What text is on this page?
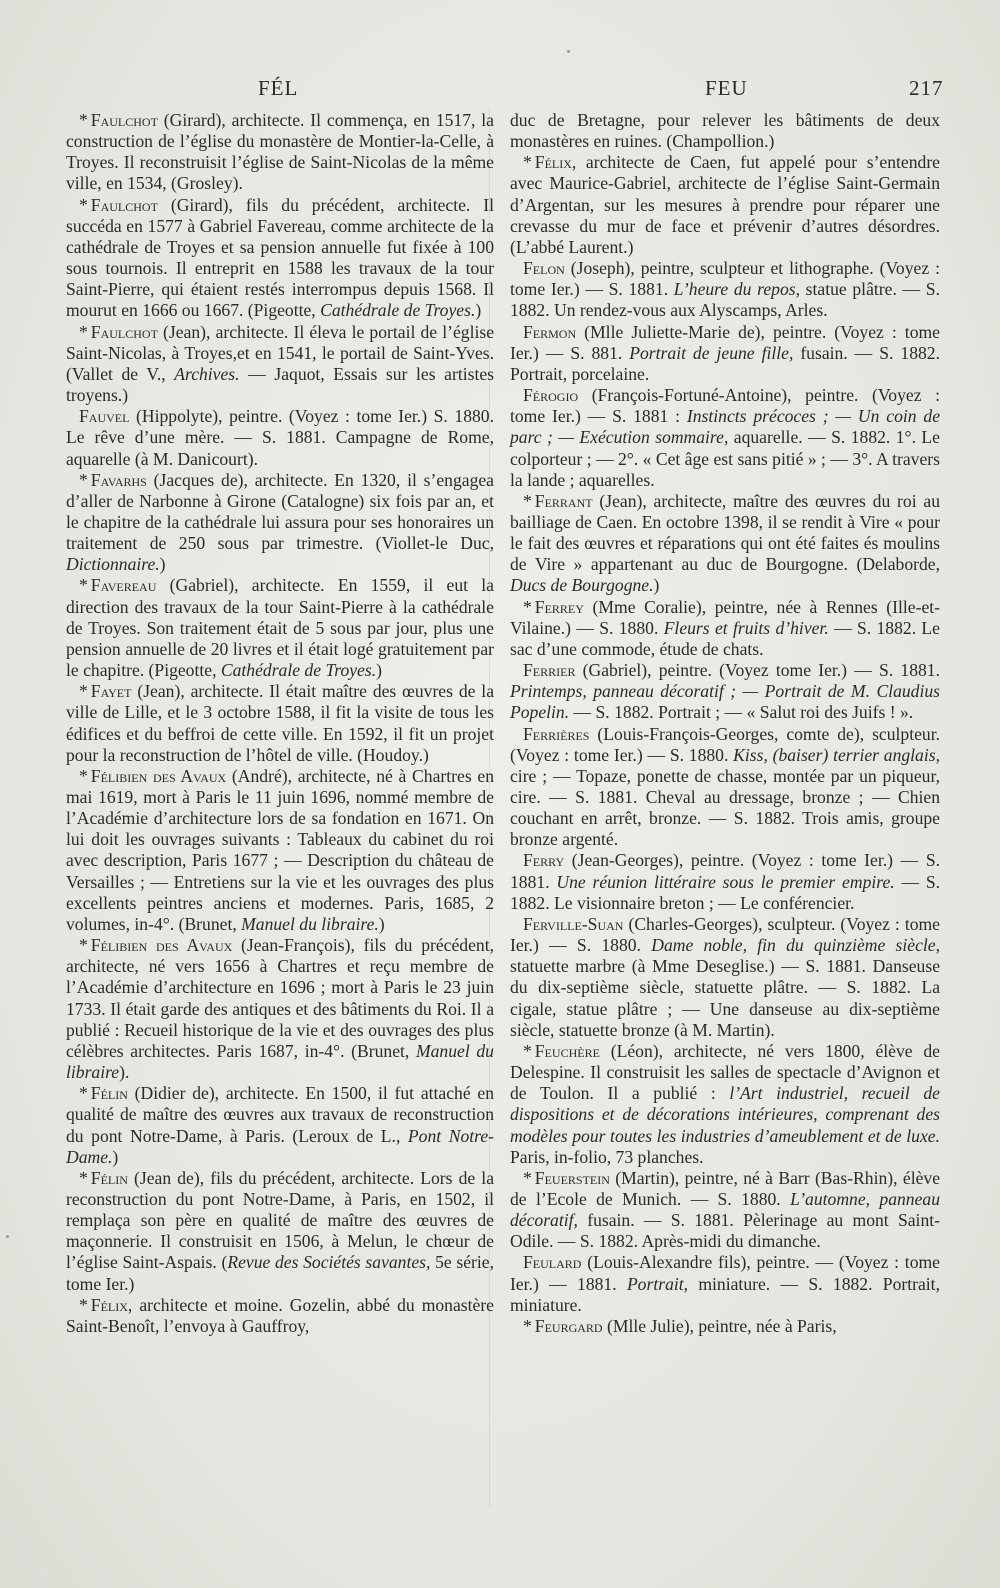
FÉL	FEU	217

* Faulchot (Girard), architecte. Il commença, en 1517, la construction de l’église du monastère de Montier-la-Celle, à Troyes. Il reconstruisit l’église de Saint-Nicolas de la même ville, en 1534, (Grosley).

* Faulchot (Girard), fils du précédent, architecte. Il succéda en 1577 à Gabriel Favereau, comme architecte de la cathédrale de Troyes et sa pension annuelle fut fixée à 100 sous tournois. Il entreprit en 1588 les travaux de la tour Saint-Pierre, qui étaient restés interrompus depuis 1568. Il mourut en 1666 ou 1667. (Pigeotte, Cathédrale de Troyes.)

* Faulchot (Jean), architecte. Il éleva le portail de l’église Saint-Nicolas, à Troyes,et en 1541, le portail de Saint-Yves. (Vallet de V., Archives. — Jaquot, Essais sur les artistes troyens.)

Fauvel (Hippolyte), peintre. (Voyez : tome Ier.) S. 1880. Le rêve d’une mère. — S. 1881. Campagne de Rome, aquarelle (à M. Danicourt).

* Favarhs (Jacques de), architecte. En 1320, il s’engagea d’aller de Narbonne à Girone (Catalogne) six fois par an, et le chapitre de la cathédrale lui assura pour ses honoraires un traitement de 250 sous par trimestre. (Viollet-le Duc, Dictionnaire.)

* Favereau (Gabriel), architecte. En 1559, il eut la direction des travaux de la tour Saint-Pierre à la cathédrale de Troyes. Son traitement était de 5 sous par jour, plus une pension annuelle de 20 livres et il était logé gratuitement par le chapitre. (Pigeotte, Cathédrale de Troyes.)

* Fayet (Jean), architecte. Il était maître des œuvres de la ville de Lille, et le 3 octobre 1588, il fit la visite de tous les édifices et du beffroi de cette ville. En 1592, il fit un projet pour la reconstruction de l’hôtel de ville. (Houdoy.)

* Félibien des Avaux (André), architecte, né à Chartres en mai 1619, mort à Paris le 11 juin 1696, nommé membre de l’Académie d’architecture lors de sa fondation en 1671. On lui doit les ouvrages suivants : Tableaux du cabinet du roi avec description, Paris 1677 ; — Description du château de Versailles ; — Entretiens sur la vie et les ouvrages des plus excellents peintres anciens et modernes. Paris, 1685, 2 volumes, in-4°. (Brunet, Manuel du libraire.)

* Félibien des Avaux (Jean-François), fils du précédent, architecte, né vers 1656 à Chartres et reçu membre de l’Académie d’architecture en 1696 ; mort à Paris le 23 juin 1733. Il était garde des antiques et des bâtiments du Roi. Il a publié : Recueil historique de la vie et des ouvrages des plus célèbres architectes. Paris 1687, in-4°. (Brunet, Manuel du libraire).

* Félin (Didier de), architecte. En 1500, il fut attaché en qualité de maître des œuvres aux travaux de reconstruction du pont Notre-Dame, à Paris. (Leroux de L., Pont Notre-Dame.)

* Félin (Jean de), fils du précédent, architecte. Lors de la reconstruction du pont Notre-Dame, à Paris, en 1502, il remplaça son père en qualité de maître des œuvres de maçonnerie. Il construisit en 1506, à Melun, le chœur de l’église Saint-Aspais. (Revue des Sociétés savantes, 5e série, tome Ier.)

* Félix, architecte et moine. Gozelin, abbé du monastère Saint-Benoît, l’envoya à Gauffroy,

duc de Bretagne, pour relever les bâtiments de deux monastères en ruines. (Champollion.)

* Félix, architecte de Caen, fut appelé pour s’entendre avec Maurice-Gabriel, architecte de l’église Saint-Germain d’Argentan, sur les mesures à prendre pour réparer une crevasse du mur de face et prévenir d’autres désordres. (L’abbé Laurent.)

Felon (Joseph), peintre, sculpteur et lithographe. (Voyez : tome Ier.) — S. 1881. L’heure du repos, statue plâtre. — S. 1882. Un rendez-vous aux Alyscamps, Arles.

Fermon (Mlle Juliette-Marie de), peintre. (Voyez : tome Ier.) — S. 881. Portrait de jeune fille, fusain. — S. 1882. Portrait, porcelaine.

Férogio (François-Fortuné-Antoine), peintre. (Voyez : tome Ier.) — S. 1881 : Instincts précoces ; — Un coin de parc ; — Exécution sommaire, aquarelle. — S. 1882. 1°. Le colporteur ; — 2°. « Cet âge est sans pitié » ; — 3°. A travers la lande ; aquarelles.

* Ferrant (Jean), architecte, maître des œuvres du roi au bailliage de Caen. En octobre 1398, il se rendit à Vire « pour le fait des œuvres et réparations qui ont été faites és moulins de Vire » appartenant au duc de Bourgogne. (Delaborde, Ducs de Bourgogne.)

* Ferrey (Mme Coralie), peintre, née à Rennes (Ille-et-Vilaine.) — S. 1880. Fleurs et fruits d’hiver. — S. 1882. Le sac d’une commode, étude de chats.

Ferrier (Gabriel), peintre. (Voyez tome Ier.) — S. 1881. Printemps, panneau décoratif ; — Portrait de M. Claudius Popelin. — S. 1882. Portrait ; — « Salut roi des Juifs ! ».

Ferrières (Louis-François-Georges, comte de), sculpteur. (Voyez : tome Ier.) — S. 1880. Kiss, (baiser) terrier anglais, cire ; — Topaze, ponette de chasse, montée par un piqueur, cire. — S. 1881. Cheval au dressage, bronze ; — Chien couchant en arrêt, bronze. — S. 1882. Trois amis, groupe bronze argenté.

Ferry (Jean-Georges), peintre. (Voyez : tome Ier.) — S. 1881. Une réunion littéraire sous le premier empire. — S. 1882. Le visionnaire breton ; — Le conférencier.

Ferville-Suan (Charles-Georges), sculpteur. (Voyez : tome Ier.) — S. 1880. Dame noble, fin du quinzième siècle, statuette marbre (à Mme Deseglise.) — S. 1881. Danseuse du dix-septième siècle, statuette plâtre. — S. 1882. La cigale, statue plâtre ; — Une danseuse au dix-septième siècle, statuette bronze (à M. Martin).

* Feuchère (Léon), architecte, né vers 1800, élève de Delespine. Il construisit les salles de spectacle d’Avignon et de Toulon. Il a publié : l’Art industriel, recueil de dispositions et de décorations intérieures, comprenant des modèles pour toutes les industries d’ameublement et de luxe. Paris, in-folio, 73 planches.

* Feuerstein (Martin), peintre, né à Barr (Bas-Rhin), élève de l’Ecole de Munich. — S. 1880. L’automne, panneau décoratif, fusain. — S. 1881. Pèlerinage au mont Saint-Odile. — S. 1882. Après-midi du dimanche.

Feulard (Louis-Alexandre fils), peintre. — (Voyez : tome Ier.) — 1881. Portrait, miniature. — S. 1882. Portrait, miniature.

* Feurgard (Mlle Julie), peintre, née à Paris,
